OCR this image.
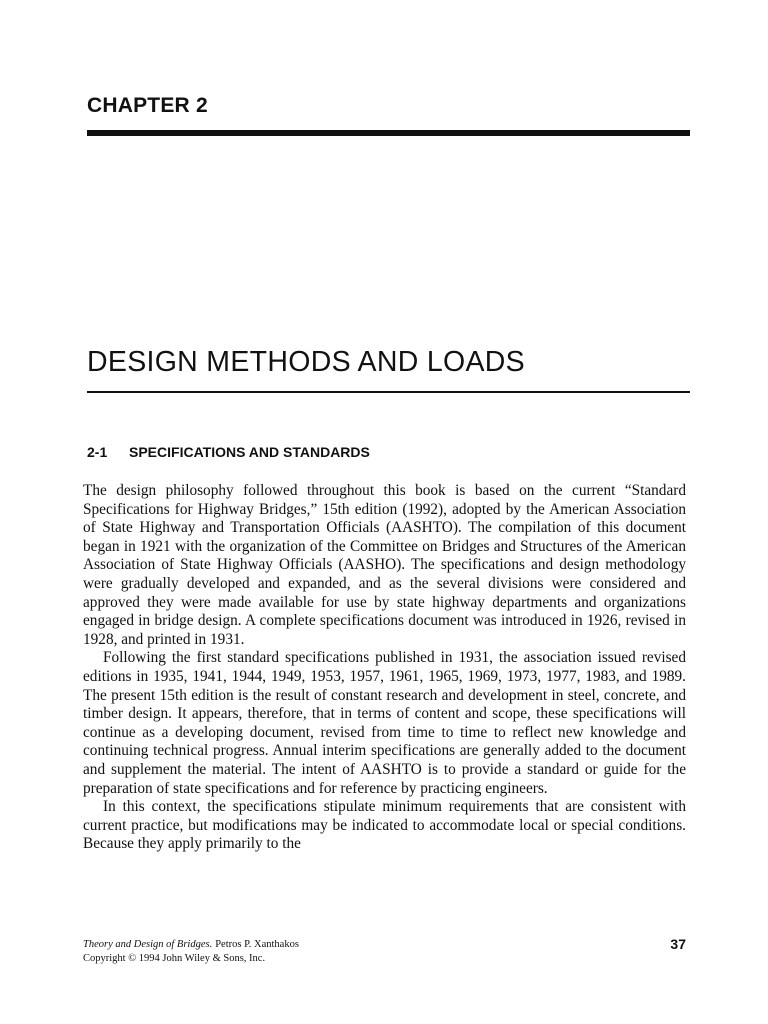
CHAPTER 2
DESIGN METHODS AND LOADS
2-1 SPECIFICATIONS AND STANDARDS

The design philosophy followed throughout this book is based on the current “Standard Specifications for Highway Bridges,” 15th edition (1992), adopted by the American Association of State Highway and Transportation Officials (AASHTO). The compilation of this document began in 1921 with the organization of the Committee on Bridges and Structures of the American Association of State Highway Officials (AASHO). The specifications and design methodology were gradually developed and expanded, and as the several divisions were considered and approved they were made available for use by state highway departments and organizations engaged in bridge design. A complete specifications document was introduced in 1926, revised in 1928, and printed in 1931.

Following the first standard specifications published in 1931, the association issued revised editions in 1935, 1941, 1944, 1949, 1953, 1957, 1961, 1965, 1969, 1973, 1977, 1983, and 1989. The present 15th edition is the result of constant research and development in steel, concrete, and timber design. It appears, therefore, that in terms of content and scope, these specifications will continue as a developing document, revised from time to time to reflect new knowledge and continuing technical progress. Annual interim specifications are generally added to the document and supplement the material. The intent of AASHTO is to provide a standard or guide for the preparation of state specifications and for reference by practicing engineers.

In this context, the specifications stipulate minimum requirements that are consistent with current practice, but modifications may be indicated to accommodate local or special conditions. Because they apply primarily to the

Theory and Design of Bridges. Petros P. Xanthakos
Copyright © 1994 John Wiley & Sons, Inc.
37
